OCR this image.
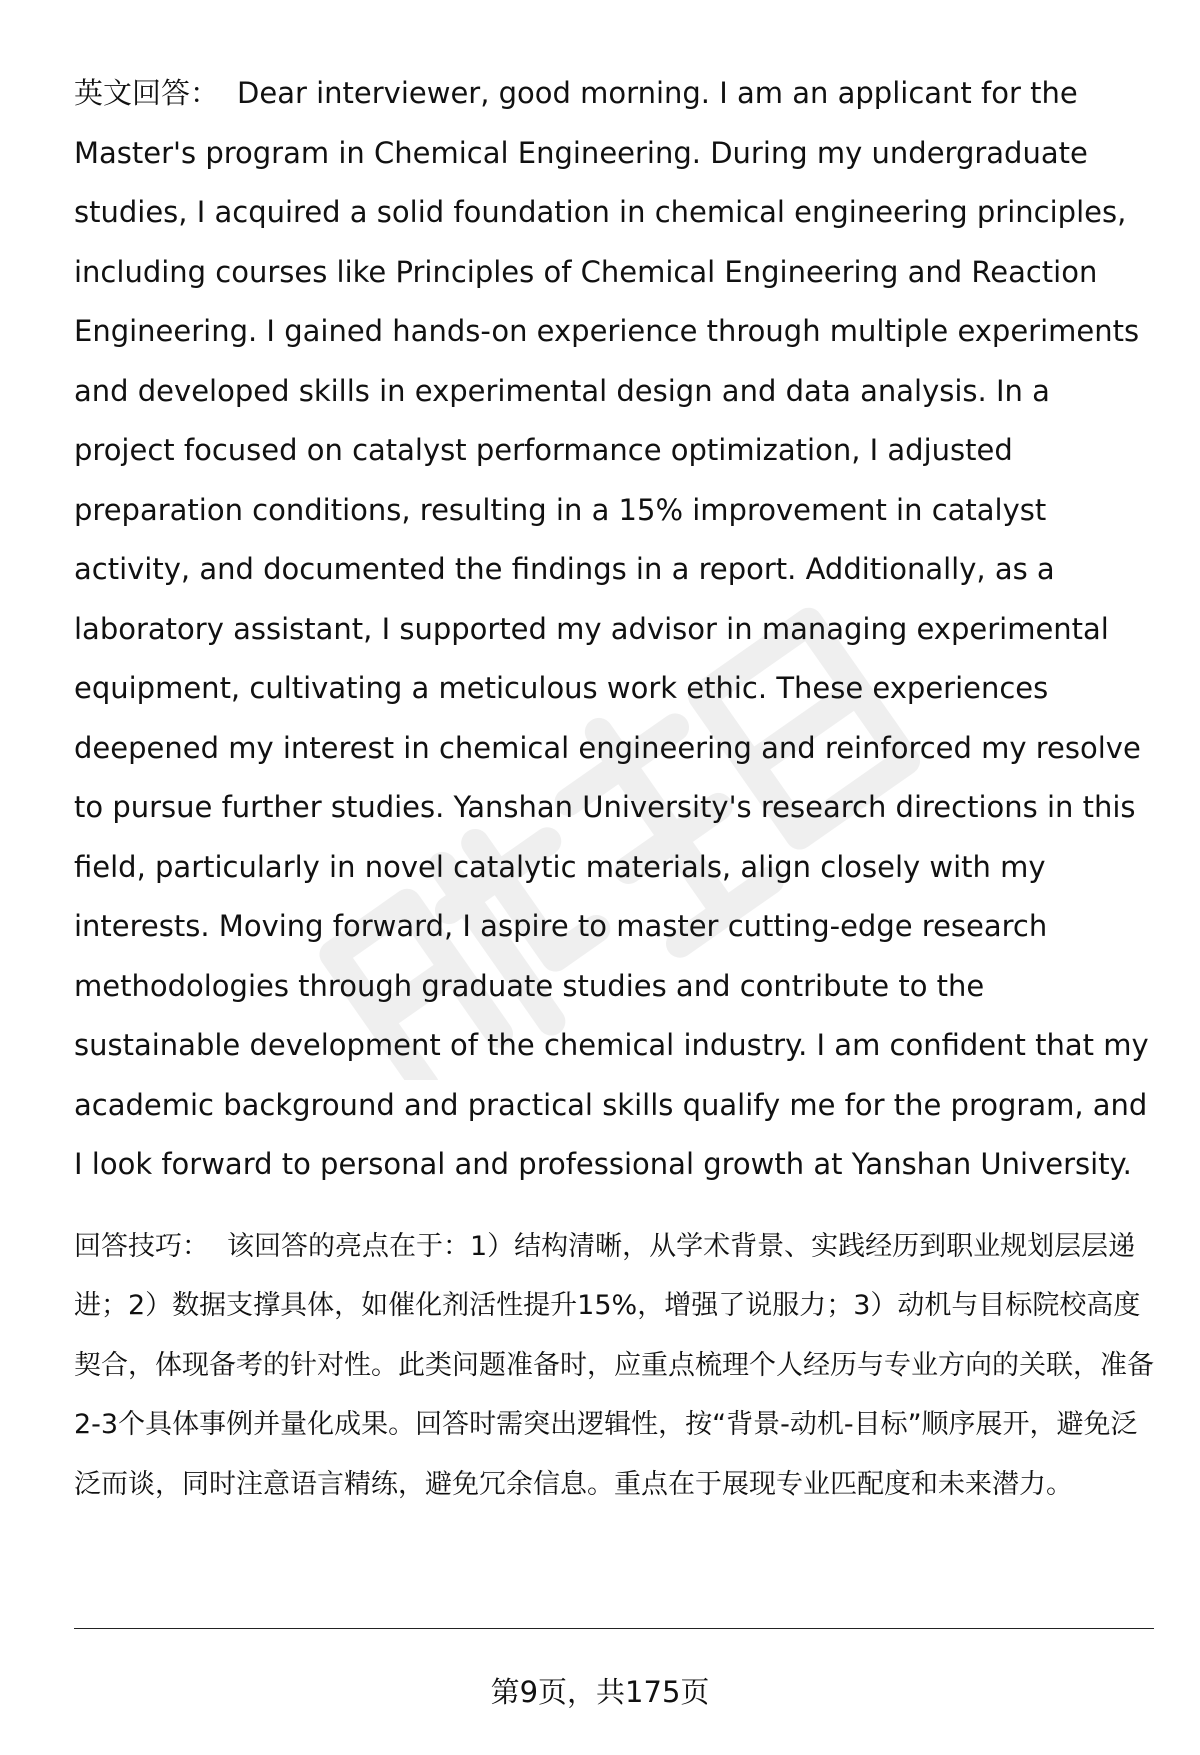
英文回答： Dear interviewer, good morning. I am an applicant for the Master's program in Chemical Engineering. During my undergraduate studies, I acquired a solid foundation in chemical engineering principles, including courses like Principles of Chemical Engineering and Reaction Engineering. I gained hands-on experience through multiple experiments and developed skills in experimental design and data analysis. In a project focused on catalyst performance optimization, I adjusted preparation conditions, resulting in a 15% improvement in catalyst activity, and documented the findings in a report. Additionally, as a laboratory assistant, I supported my advisor in managing experimental equipment, cultivating a meticulous work ethic. These experiences deepened my interest in chemical engineering and reinforced my resolve to pursue further studies. Yanshan University's research directions in this field, particularly in novel catalytic materials, align closely with my interests. Moving forward, I aspire to master cutting-edge research methodologies through graduate studies and contribute to the sustainable development of the chemical industry. I am confident that my academic background and practical skills qualify me for the program, and I look forward to personal and professional growth at Yanshan University.

回答技巧： 该回答的亮点在于：1）结构清晰，从学术背景、实践经历到职业规划层层递进；2）数据支撑具体，如催化剂活性提升15%，增强了说服力；3）动机与目标院校高度契合，体现备考的针对性。此类问题准备时，应重点梳理个人经历与专业方向的关联，准备2-3个具体事例并量化成果。回答时需突出逻辑性，按“背景-动机-目标”顺序展开，避免泛泛而谈，同时注意语言精练，避免冗余信息。重点在于展现专业匹配度和未来潜力。

第9页，共175页
